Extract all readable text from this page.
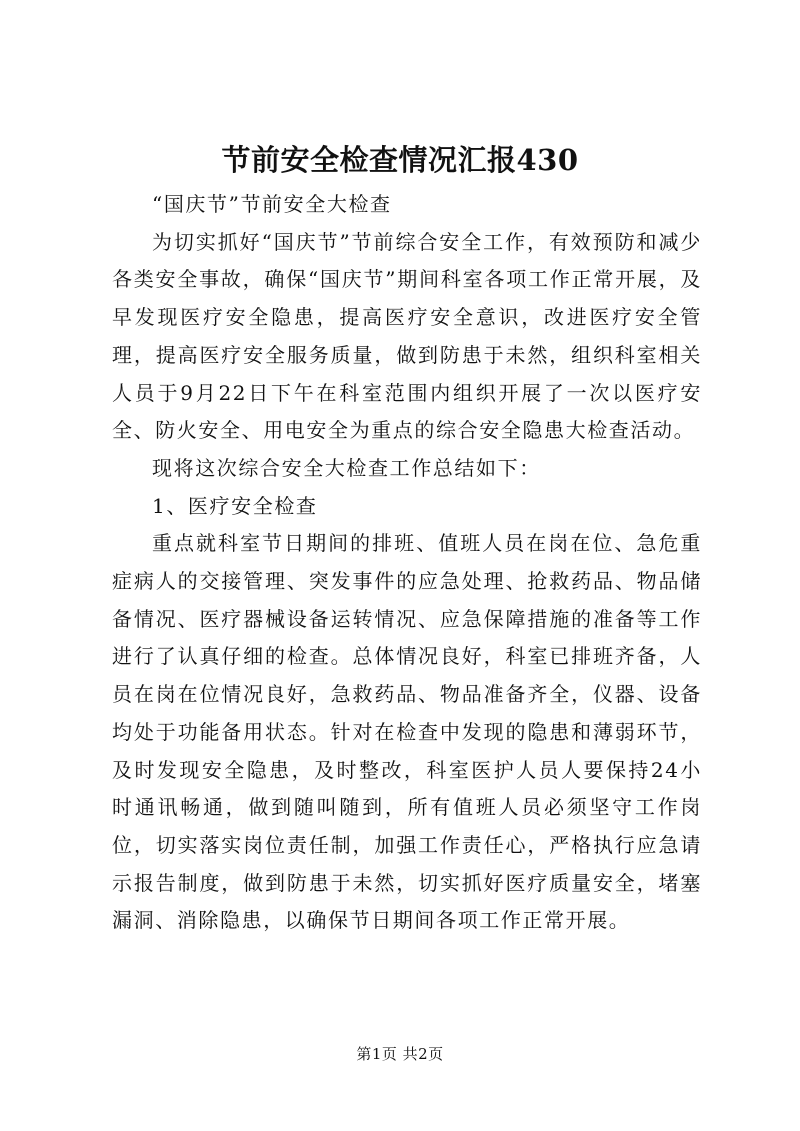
节前安全检查情况汇报430

“国庆节”节前安全大检查

为切实抓好“国庆节”节前综合安全工作，有效预防和减少各类安全事故，确保“国庆节”期间科室各项工作正常开展，及早发现医疗安全隐患，提高医疗安全意识，改进医疗安全管理，提高医疗安全服务质量，做到防患于未然，组织科室相关人员于9月22日下午在科室范围内组织开展了一次以医疗安全、防火安全、用电安全为重点的综合安全隐患大检查活动。

现将这次综合安全大检查工作总结如下：

1、医疗安全检查

重点就科室节日期间的排班、值班人员在岗在位、急危重症病人的交接管理、突发事件的应急处理、抢救药品、物品储备情况、医疗器械设备运转情况、应急保障措施的准备等工作进行了认真仔细的检查。总体情况良好，科室已排班齐备，人员在岗在位情况良好，急救药品、物品准备齐全，仪器、设备均处于功能备用状态。针对在检查中发现的隐患和薄弱环节，及时发现安全隐患，及时整改，科室医护人员人要保持24小时通讯畅通，做到随叫随到，所有值班人员必须坚守工作岗位，切实落实岗位责任制，加强工作责任心，严格执行应急请示报告制度，做到防患于未然，切实抓好医疗质量安全，堵塞漏洞、消除隐患，以确保节日期间各项工作正常开展。

第1页 共2页
